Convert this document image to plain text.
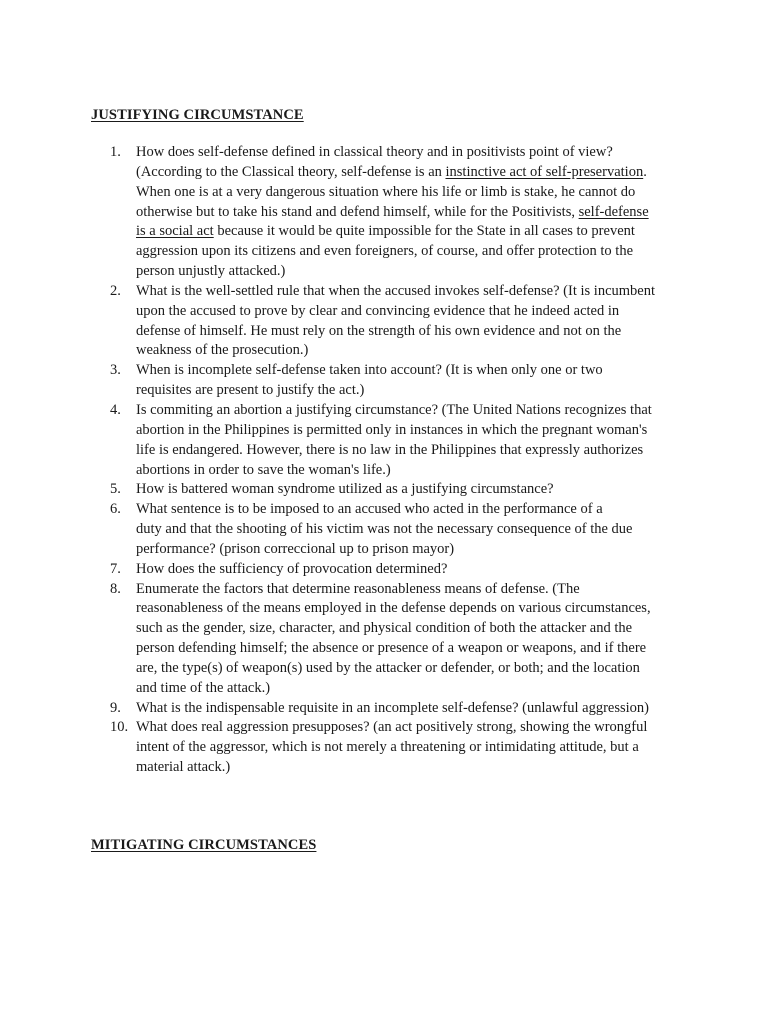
JUSTIFYING CIRCUMSTANCE
1. How does self-defense defined in classical theory and in positivists point of view?
(According to the Classical theory, self-defense is an instinctive act of self-preservation.
When one is at a very dangerous situation where his life or limb is stake, he cannot do
otherwise but to take his stand and defend himself, while for the Positivists, self-defense
is a social act because it would be quite impossible for the State in all cases to prevent
aggression upon its citizens and even foreigners, of course, and offer protection to the
person unjustly attacked.)
2. What is the well-settled rule that when the accused invokes self-defense? (It is incumbent
upon the accused to prove by clear and convincing evidence that he indeed acted in
defense of himself. He must rely on the strength of his own evidence and not on the
weakness of the prosecution.)
3. When is incomplete self-defense taken into account? (It is when only one or two
requisites are present to justify the act.)
4. Is commiting an abortion a justifying circumstance? (The United Nations recognizes that
abortion in the Philippines is permitted only in instances in which the pregnant woman's
life is endangered. However, there is no law in the Philippines that expressly authorizes
abortions in order to save the woman's life.)
5. How is battered woman syndrome utilized as a justifying circumstance?
6. What sentence is to be imposed to an accused who acted in the performance of a
duty and that the shooting of his victim was not the necessary consequence of the due
performance? (prison correccional up to prison mayor)
7. How does the sufficiency of provocation determined?
8. Enumerate the factors that determine reasonableness means of defense. (The
reasonableness of the means employed in the defense depends on various circumstances,
such as the gender, size, character, and physical condition of both the attacker and the
person defending himself; the absence or presence of a weapon or weapons, and if there
are, the type(s) of weapon(s) used by the attacker or defender, or both; and the location
and time of the attack.)
9. What is the indispensable requisite in an incomplete self-defense? (unlawful aggression)
10. What does real aggression presupposes? (an act positively strong, showing the wrongful
intent of the aggressor, which is not merely a threatening or intimidating attitude, but a
material attack.)
MITIGATING CIRCUMSTANCES
